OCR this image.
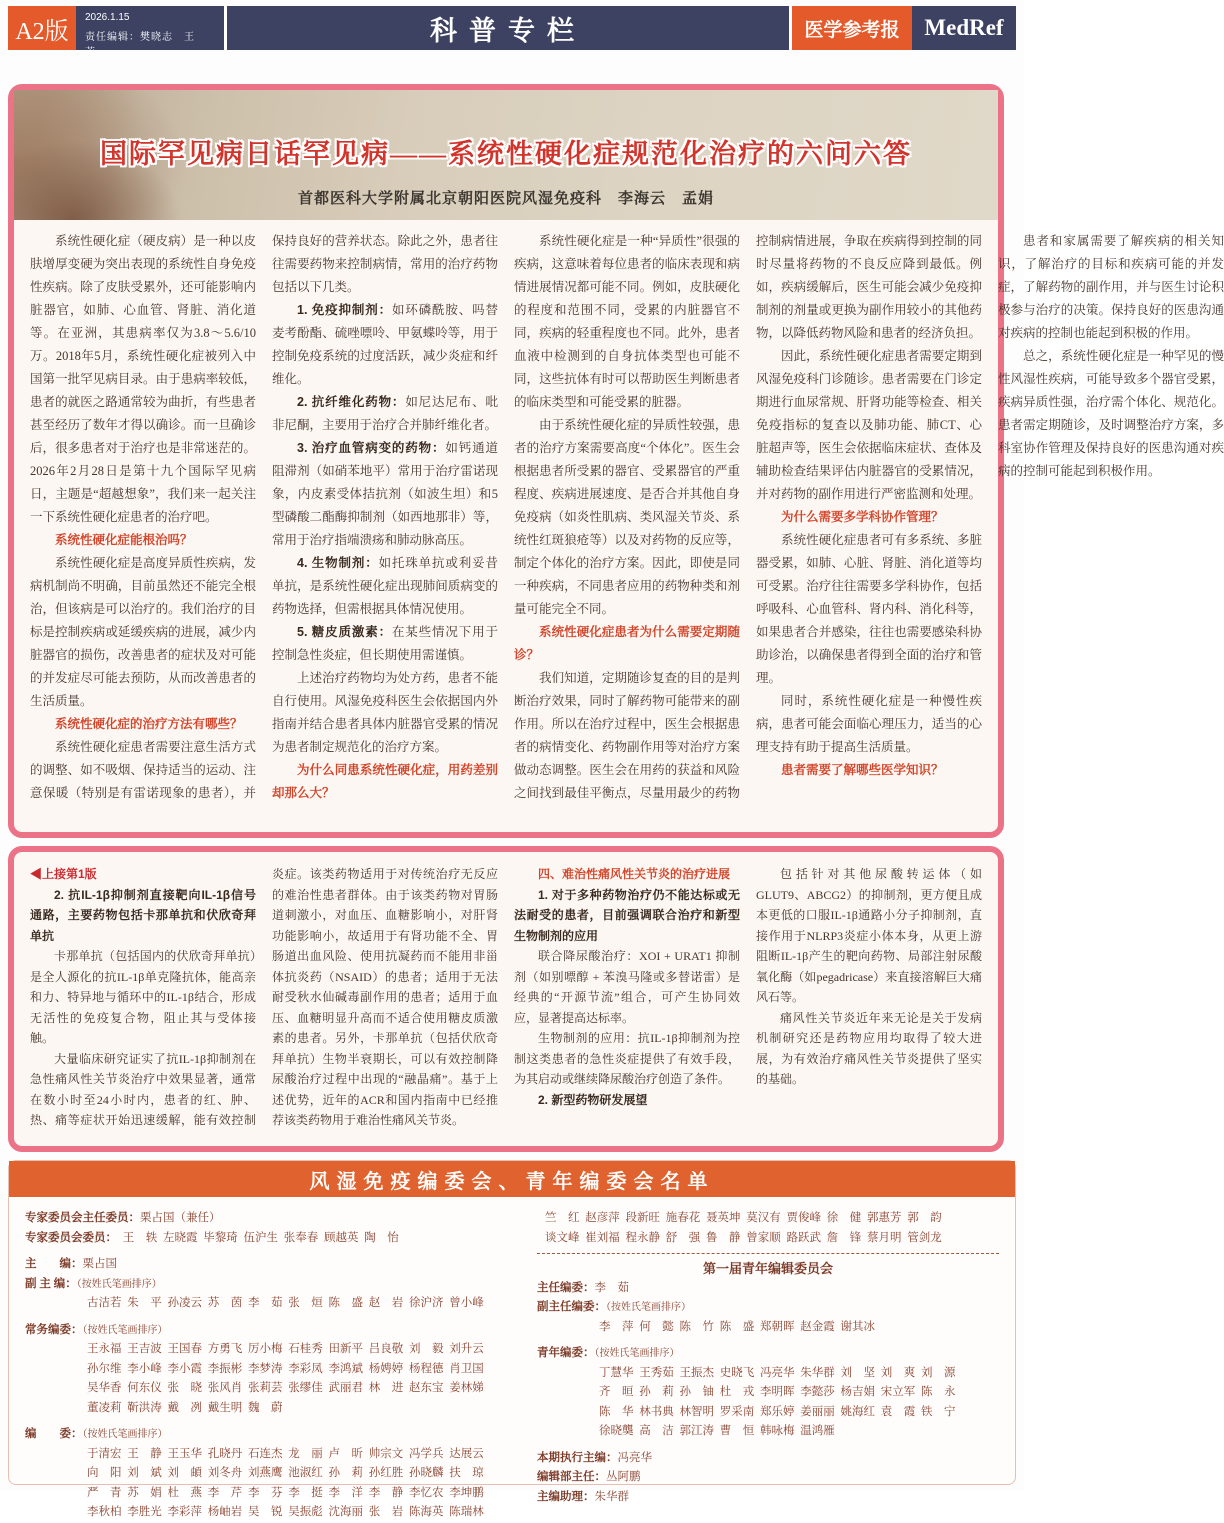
A2版
2026.1.15
责任编辑：樊晓志　王　芳
科普专栏	医学参考报	MedRef
国际罕见病日话罕见病——系统性硬化症规范化治疗的六问六答
首都医科大学附属北京朝阳医院风湿免疫科　李海云　孟娟

系统性硬化症（硬皮病）是一种以皮肤增厚变硬为突出表现的系统性自身免疫性疾病。除了皮肤受累外，还可能影响内脏器官，如肺、心血管、肾脏、消化道等。在亚洲，其患病率仅为3.8～5.6/10万。2018年5月，系统性硬化症被列入中国第一批罕见病目录。由于患病率较低，患者的就医之路通常较为曲折，有些患者甚至经历了数年才得以确诊。而一旦确诊后，很多患者对于治疗也是非常迷茫的。2026年2月28日是第十九个国际罕见病日，主题是“超越想象”，我们来一起关注一下系统性硬化症患者的治疗吧。

系统性硬化症能根治吗？

系统性硬化症是高度异质性疾病，发病机制尚不明确，目前虽然还不能完全根治，但该病是可以治疗的。我们治疗的目标是控制疾病或延缓疾病的进展，减少内脏器官的损伤，改善患者的症状及对可能的并发症尽可能去预防，从而改善患者的生活质量。

系统性硬化症的治疗方法有哪些？

系统性硬化症患者需要注意生活方式的调整、如不吸烟、保持适当的运动、注意保暖（特别是有雷诺现象的患者），并保持良好的营养状态。除此之外，患者往往需要药物来控制病情，常用的治疗药物包括以下几类。

1. 免疫抑制剂：如环磷酰胺、吗替麦考酚酯、硫唑嘌呤、甲氨蝶呤等，用于控制免疫系统的过度活跃，减少炎症和纤维化。

2. 抗纤维化药物：如尼达尼布、吡非尼酮，主要用于治疗合并肺纤维化者。

3. 治疗血管病变的药物：如钙通道阻滞剂（如硝苯地平）常用于治疗雷诺现象，内皮素受体拮抗剂（如波生坦）和5型磷酸二酯酶抑制剂（如西地那非）等，常用于治疗指端溃疡和肺动脉高压。

4. 生物制剂：如托珠单抗或利妥昔单抗，是系统性硬化症出现肺间质病变的药物选择，但需根据具体情况使用。

5. 糖皮质激素：在某些情况下用于控制急性炎症，但长期使用需谨慎。

上述治疗药物均为处方药，患者不能自行使用。风湿免疫科医生会依据国内外指南并结合患者具体内脏器官受累的情况为患者制定规范化的治疗方案。

为什么同患系统性硬化症，用药差别却那么大？

系统性硬化症是一种“异质性”很强的疾病，这意味着每位患者的临床表现和病情进展情况都可能不同。例如，皮肤硬化的程度和范围不同，受累的内脏器官不同，疾病的轻重程度也不同。此外，患者血液中检测到的自身抗体类型也可能不同，这些抗体有时可以帮助医生判断患者的临床类型和可能受累的脏器。

由于系统性硬化症的异质性较强，患者的治疗方案需要高度“个体化”。医生会根据患者所受累的器官、受累器官的严重程度、疾病进展速度、是否合并其他自身免疫病（如炎性肌病、类风湿关节炎、系统性红斑狼疮等）以及对药物的反应等，制定个体化的治疗方案。因此，即使是同一种疾病，不同患者应用的药物种类和剂量可能完全不同。

系统性硬化症患者为什么需要定期随诊？

我们知道，定期随诊复查的目的是判断治疗效果，同时了解药物可能带来的副作用。所以在治疗过程中，医生会根据患者的病情变化、药物副作用等对治疗方案做动态调整。医生会在用药的获益和风险之间找到最佳平衡点，尽量用最少的药物控制病情进展，争取在疾病得到控制的同时尽量将药物的不良反应降到最低。例如，疾病缓解后，医生可能会减少免疫抑制剂的剂量或更换为副作用较小的其他药物，以降低药物风险和患者的经济负担。

因此，系统性硬化症患者需要定期到风湿免疫科门诊随诊。患者需要在门诊定期进行血尿常规、肝肾功能等检查、相关免疫指标的复查以及肺功能、肺CT、心脏超声等，医生会依据临床症状、查体及辅助检查结果评估内脏器官的受累情况，并对药物的副作用进行严密监测和处理。

为什么需要多学科协作管理？

系统性硬化症患者可有多系统、多脏器受累，如肺、心脏、肾脏、消化道等均可受累。治疗往往需要多学科协作，包括呼吸科、心血管科、肾内科、消化科等，如果患者合并感染，往往也需要感染科协助诊治，以确保患者得到全面的治疗和管理。

同时，系统性硬化症是一种慢性疾病，患者可能会面临心理压力，适当的心理支持有助于提高生活质量。

患者需要了解哪些医学知识？

患者和家属需要了解疾病的相关知识，了解治疗的目标和疾病可能的并发症，了解药物的副作用，并与医生讨论积极参与治疗的决策。保持良好的医患沟通对疾病的控制也能起到积极的作用。

总之，系统性硬化症是一种罕见的慢性风湿性疾病，可能导致多个器官受累，疾病异质性强，治疗需个体化、规范化。患者需定期随诊，及时调整治疗方案，多科室协作管理及保持良好的医患沟通对疾病的控制可能起到积极作用。

◀上接第1版

2. 抗IL-1β抑制剂直接靶向IL-1β信号通路，主要药物包括卡那单抗和伏欣奇拜单抗

卡那单抗（包括国内的伏欣奇拜单抗）是全人源化的抗IL-1β单克隆抗体，能高亲和力、特异地与循环中的IL-1β结合，形成无活性的免疫复合物，阻止其与受体接触。

大量临床研究证实了抗IL-1β抑制剂在急性痛风性关节炎治疗中效果显著，通常在数小时至24小时内，患者的红、肿、热、痛等症状开始迅速缓解，能有效控制炎症。该类药物适用于对传统治疗无反应的难治性患者群体。由于该类药物对胃肠道刺激小，对血压、血糖影响小，对肝肾功能影响小，故适用于有肾功能不全、胃肠道出血风险、使用抗凝药而不能用非甾体抗炎药（NSAID）的患者；适用于无法耐受秋水仙碱毒副作用的患者；适用于血压、血糖明显升高而不适合使用糖皮质激素的患者。另外，卡那单抗（包括伏欣奇拜单抗）生物半衰期长，可以有效控制降尿酸治疗过程中出现的“融晶痛”。基于上述优势，近年的ACR和国内指南中已经推荐该类药物用于难治性痛风关节炎。

四、难治性痛风性关节炎的治疗进展

1. 对于多种药物治疗仍不能达标或无法耐受的患者，目前强调联合治疗和新型生物制剂的应用

联合降尿酸治疗：XOI + URAT1 抑制剂（如别嘌醇 + 苯溴马隆或多替诺雷）是经典的“开源节流”组合，可产生协同效应，显著提高达标率。

生物制剂的应用：抗IL-1β抑制剂为控制这类患者的急性炎症提供了有效手段，为其启动或继续降尿酸治疗创造了条件。

2. 新型药物研发展望

包括针对其他尿酸转运体（如GLUT9、ABCG2）的抑制剂，更方便且成本更低的口服IL-1β通路小分子抑制剂，直接作用于NLRP3炎症小体本身，从更上游阻断IL-1β产生的靶向药物、局部注射尿酸氧化酶（如pegadricase）来直接溶解巨大痛风石等。

痛风性关节炎近年来无论是关于发病机制研究还是药物应用均取得了较大进展，为有效治疗痛风性关节炎提供了坚实的基础。

风湿免疫编委会、青年编委会名单
专家委员会主任委员：栗占国（兼任）
专家委员会委员：　王　轶  左晓霞  毕黎琦  伍沪生  张奉春  顾越英  陶　怡
主　　编：栗占国
副 主 编：（按姓氏笔画排序）
古洁若  朱　平  孙凌云  苏　茵  李　茹  张　烜  陈　盛  赵　岩  徐沪济  曾小峰
常务编委：（按姓氏笔画排序）
王永福  王吉波  王国春  方勇飞  厉小梅  石桂秀  田新平  吕良敬  刘　毅  刘升云
孙尔维  李小峰  李小霞  李振彬  李梦涛  李彩凤  李鸿斌  杨娉婷  杨程德  肖卫国
吴华香  何东仪  张　晓  张风肖  张莉芸  张缪佳  武丽君  林　进  赵东宝  姜林娣
董凌莉  靳洪涛  戴　冽  戴生明  魏　蔚
编　　委：（按姓氏笔画排序）
于清宏  王　静  王玉华  孔晓丹  石连杰  龙　丽  卢　昕  帅宗文  冯学兵  达展云
向　阳  刘　斌  刘　頔  刘冬舟  刘燕鹰  池淑红  孙　莉  孙红胜  孙晓麟  扶　琼
严　青  苏　娟  杜　燕  李　芹  李　芬  李　挺  李　洋  李　静  李忆农  李坤鹏
李秋柏  李胜光  李彩萍  杨岫岩  吴　锐  吴振彪  沈海丽  张　岩  陈海英  陈瑞林
竺　红  赵彦萍  段新旺  施春花  聂英坤  莫汉有  贾俊峰  徐　健  郭惠芳  郭　韵
谈文峰  崔刘福  程永静  舒　强  鲁　静  曾家顺  路跃武  詹　锋  蔡月明  管剑龙
第一届青年编辑委员会
主任编委：李　茹
副主任编委：（按姓氏笔画排序）
李　萍  何　懿  陈　竹  陈　盛  郑朝晖  赵金霞  谢其冰
青年编委：（按姓氏笔画排序）
丁慧华  王秀茹  王振杰  史晓飞  冯亮华  朱华群  刘　坚  刘　爽  刘　源
齐　晅  孙　莉  孙　铀  杜　戎  李明晖  李懿莎  杨吉娟  宋立军  陈　永
陈　华  林书典  林智明  罗采南  郑乐婷  姜丽丽  姚海红  袁　霞  铁　宁
徐晓龑  高　洁  郭江涛  曹　恒  韩咏梅  温鸿雁
本期执行主编：冯亮华
编辑部主任：丛阿鹏
主编助理：朱华群
